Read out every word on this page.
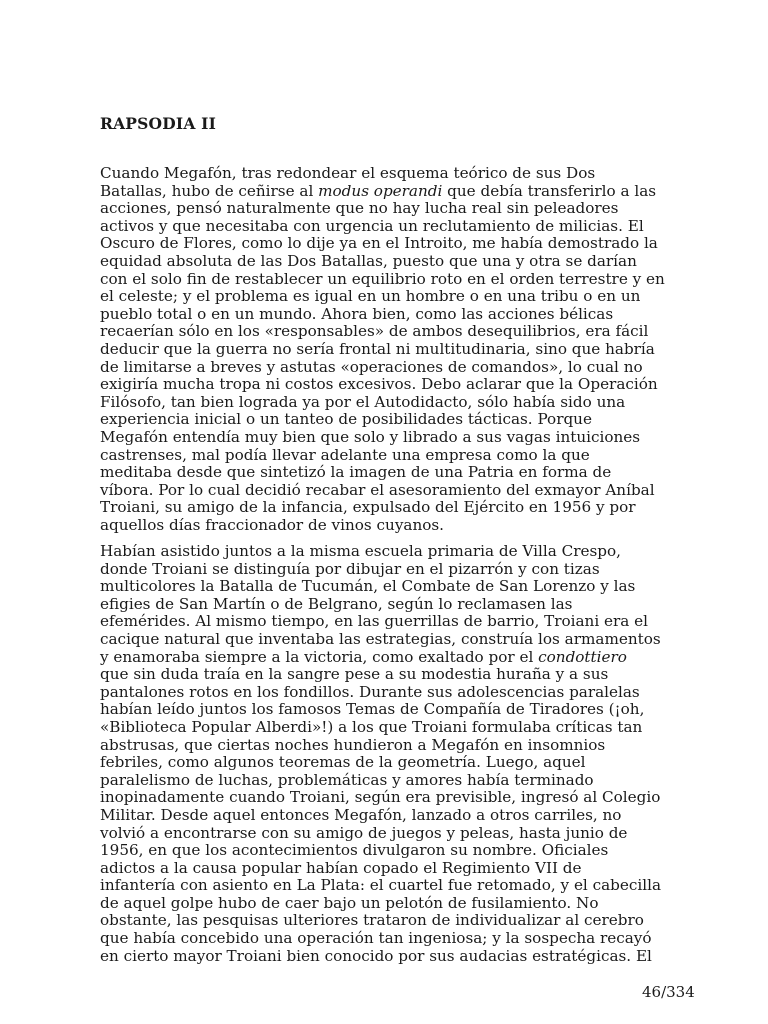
RAPSODIA II

Cuando Megafón, tras redondear el esquema teórico de sus Dos
Batallas, hubo de ceñirse al modus operandi que debía transferirlo a las
acciones, pensó naturalmente que no hay lucha real sin peleadores
activos y que necesitaba con urgencia un reclutamiento de milicias. El
Oscuro de Flores, como lo dije ya en el Introito, me había demostrado la
equidad absoluta de las Dos Batallas, puesto que una y otra se darían
con el solo fin de restablecer un equilibrio roto en el orden terrestre y en
el celeste; y el problema es igual en un hombre o en una tribu o en un
pueblo total o en un mundo. Ahora bien, como las acciones bélicas
recaerían sólo en los «responsables» de ambos desequilibrios, era fácil
deducir que la guerra no sería frontal ni multitudinaria, sino que habría
de limitarse a breves y astutas «operaciones de comandos», lo cual no
exigiría mucha tropa ni costos excesivos. Debo aclarar que la Operación
Filósofo, tan bien lograda ya por el Autodidacto, sólo había sido una
experiencia inicial o un tanteo de posibilidades tácticas. Porque
Megafón entendía muy bien que solo y librado a sus vagas intuiciones
castrenses, mal podía llevar adelante una empresa como la que
meditaba desde que sintetizó la imagen de una Patria en forma de
víbora. Por lo cual decidió recabar el asesoramiento del exmayor Aníbal
Troiani, su amigo de la infancia, expulsado del Ejército en 1956 y por
aquellos días fraccionador de vinos cuyanos.

Habían asistido juntos a la misma escuela primaria de Villa Crespo,
donde Troiani se distinguía por dibujar en el pizarrón y con tizas
multicolores la Batalla de Tucumán, el Combate de San Lorenzo y las
efigies de San Martín o de Belgrano, según lo reclamasen las
efemérides. Al mismo tiempo, en las guerrillas de barrio, Troiani era el
cacique natural que inventaba las estrategias, construía los armamentos
y enamoraba siempre a la victoria, como exaltado por el condottiero
que sin duda traía en la sangre pese a su modestia huraña y a sus
pantalones rotos en los fondillos. Durante sus adolescencias paralelas
habían leído juntos los famosos Temas de Compañía de Tiradores (¡oh,
«Biblioteca Popular Alberdi»!) a los que Troiani formulaba críticas tan
abstrusas, que ciertas noches hundieron a Megafón en insomnios
febriles, como algunos teoremas de la geometría. Luego, aquel
paralelismo de luchas, problemáticas y amores había terminado
inopinadamente cuando Troiani, según era previsible, ingresó al Colegio
Militar. Desde aquel entonces Megafón, lanzado a otros carriles, no
volvió a encontrarse con su amigo de juegos y peleas, hasta junio de
1956, en que los acontecimientos divulgaron su nombre. Oficiales
adictos a la causa popular habían copado el Regimiento VII de
infantería con asiento en La Plata: el cuartel fue retomado, y el cabecilla
de aquel golpe hubo de caer bajo un pelotón de fusilamiento. No
obstante, las pesquisas ulteriores trataron de individualizar al cerebro
que había concebido una operación tan ingeniosa; y la sospecha recayó
en cierto mayor Troiani bien conocido por sus audacias estratégicas. El

46/334
